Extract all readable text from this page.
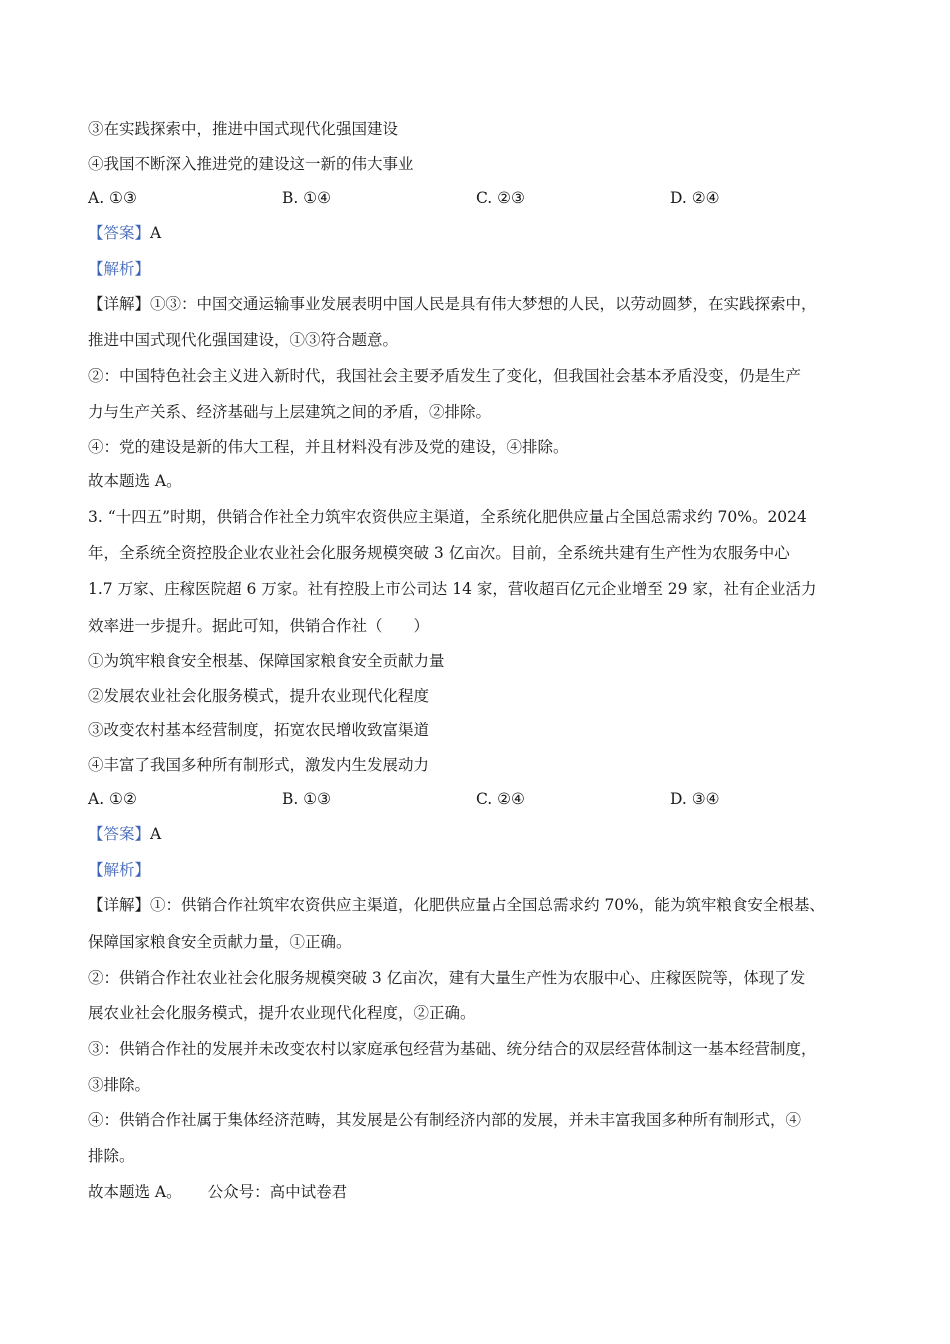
③在实践探索中，推进中国式现代化强国建设
④我国不断深入推进党的建设这一新的伟大事业
A. ①③	B. ①④	C. ②③	D. ②④
【答案】A
【解析】
【详解】①③：中国交通运输事业发展表明中国人民是具有伟大梦想的人民，以劳动圆梦，在实践探索中，
推进中国式现代化强国建设，①③符合题意。
②：中国特色社会主义进入新时代，我国社会主要矛盾发生了变化，但我国社会基本矛盾没变，仍是生产
力与生产关系、经济基础与上层建筑之间的矛盾，②排除。
④：党的建设是新的伟大工程，并且材料没有涉及党的建设，④排除。
故本题选 A。
3. “十四五”时期，供销合作社全力筑牢农资供应主渠道，全系统化肥供应量占全国总需求约 70%。2024
年，全系统全资控股企业农业社会化服务规模突破 3 亿亩次。目前，全系统共建有生产性为农服务中心
1.7 万家、庄稼医院超 6 万家。社有控股上市公司达 14 家，营收超百亿元企业增至 29 家，社有企业活力
效率进一步提升。据此可知，供销合作社（　　）
①为筑牢粮食安全根基、保障国家粮食安全贡献力量
②发展农业社会化服务模式，提升农业现代化程度
③改变农村基本经营制度，拓宽农民增收致富渠道
④丰富了我国多种所有制形式，激发内生发展动力
A. ①②	B. ①③	C. ②④	D. ③④
【答案】A
【解析】
【详解】①：供销合作社筑牢农资供应主渠道，化肥供应量占全国总需求约 70%，能为筑牢粮食安全根基、
保障国家粮食安全贡献力量，①正确。
②：供销合作社农业社会化服务规模突破 3 亿亩次，建有大量生产性为农服中心、庄稼医院等，体现了发
展农业社会化服务模式，提升农业现代化程度，②正确。
③：供销合作社的发展并未改变农村以家庭承包经营为基础、统分结合的双层经营体制这一基本经营制度，
③排除。
④：供销合作社属于集体经济范畴，其发展是公有制经济内部的发展，并未丰富我国多种所有制形式，④
排除。
故本题选 A。 公众号：高中试卷君
